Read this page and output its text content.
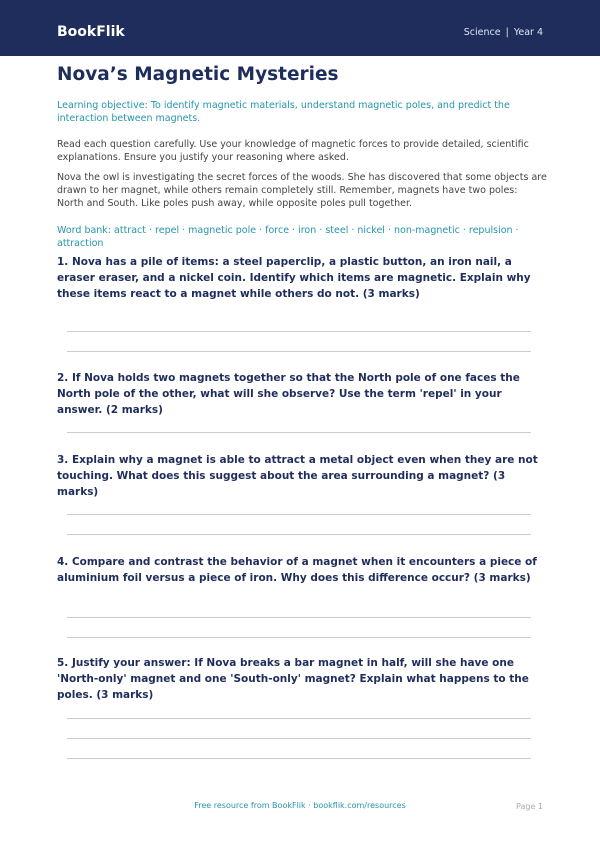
BookFlik	Science | Year 4
Nova’s Magnetic Mysteries
Learning objective: To identify magnetic materials, understand magnetic poles, and predict the interaction between magnets.
Read each question carefully. Use your knowledge of magnetic forces to provide detailed, scientific explanations. Ensure you justify your reasoning where asked.
Nova the owl is investigating the secret forces of the woods. She has discovered that some objects are drawn to her magnet, while others remain completely still. Remember, magnets have two poles: North and South. Like poles push away, while opposite poles pull together.
Word bank: attract · repel · magnetic pole · force · iron · steel · nickel · non-magnetic · repulsion · attraction

1. Nova has a pile of items: a steel paperclip, a plastic button, an iron nail, a eraser eraser, and a nickel coin. Identify which items are magnetic. Explain why these items react to a magnet while others do not. (3 marks)

2. If Nova holds two magnets together so that the North pole of one faces the North pole of the other, what will she observe? Use the term 'repel' in your answer. (2 marks)

3. Explain why a magnet is able to attract a metal object even when they are not touching. What does this suggest about the area surrounding a magnet? (3 marks)

4. Compare and contrast the behavior of a magnet when it encounters a piece of aluminium foil versus a piece of iron. Why does this difference occur? (3 marks)

5. Justify your answer: If Nova breaks a bar magnet in half, will she have one 'North-only' magnet and one 'South-only' magnet? Explain what happens to the poles. (3 marks)

Free resource from BookFlik · bookflik.com/resources	Page 1
